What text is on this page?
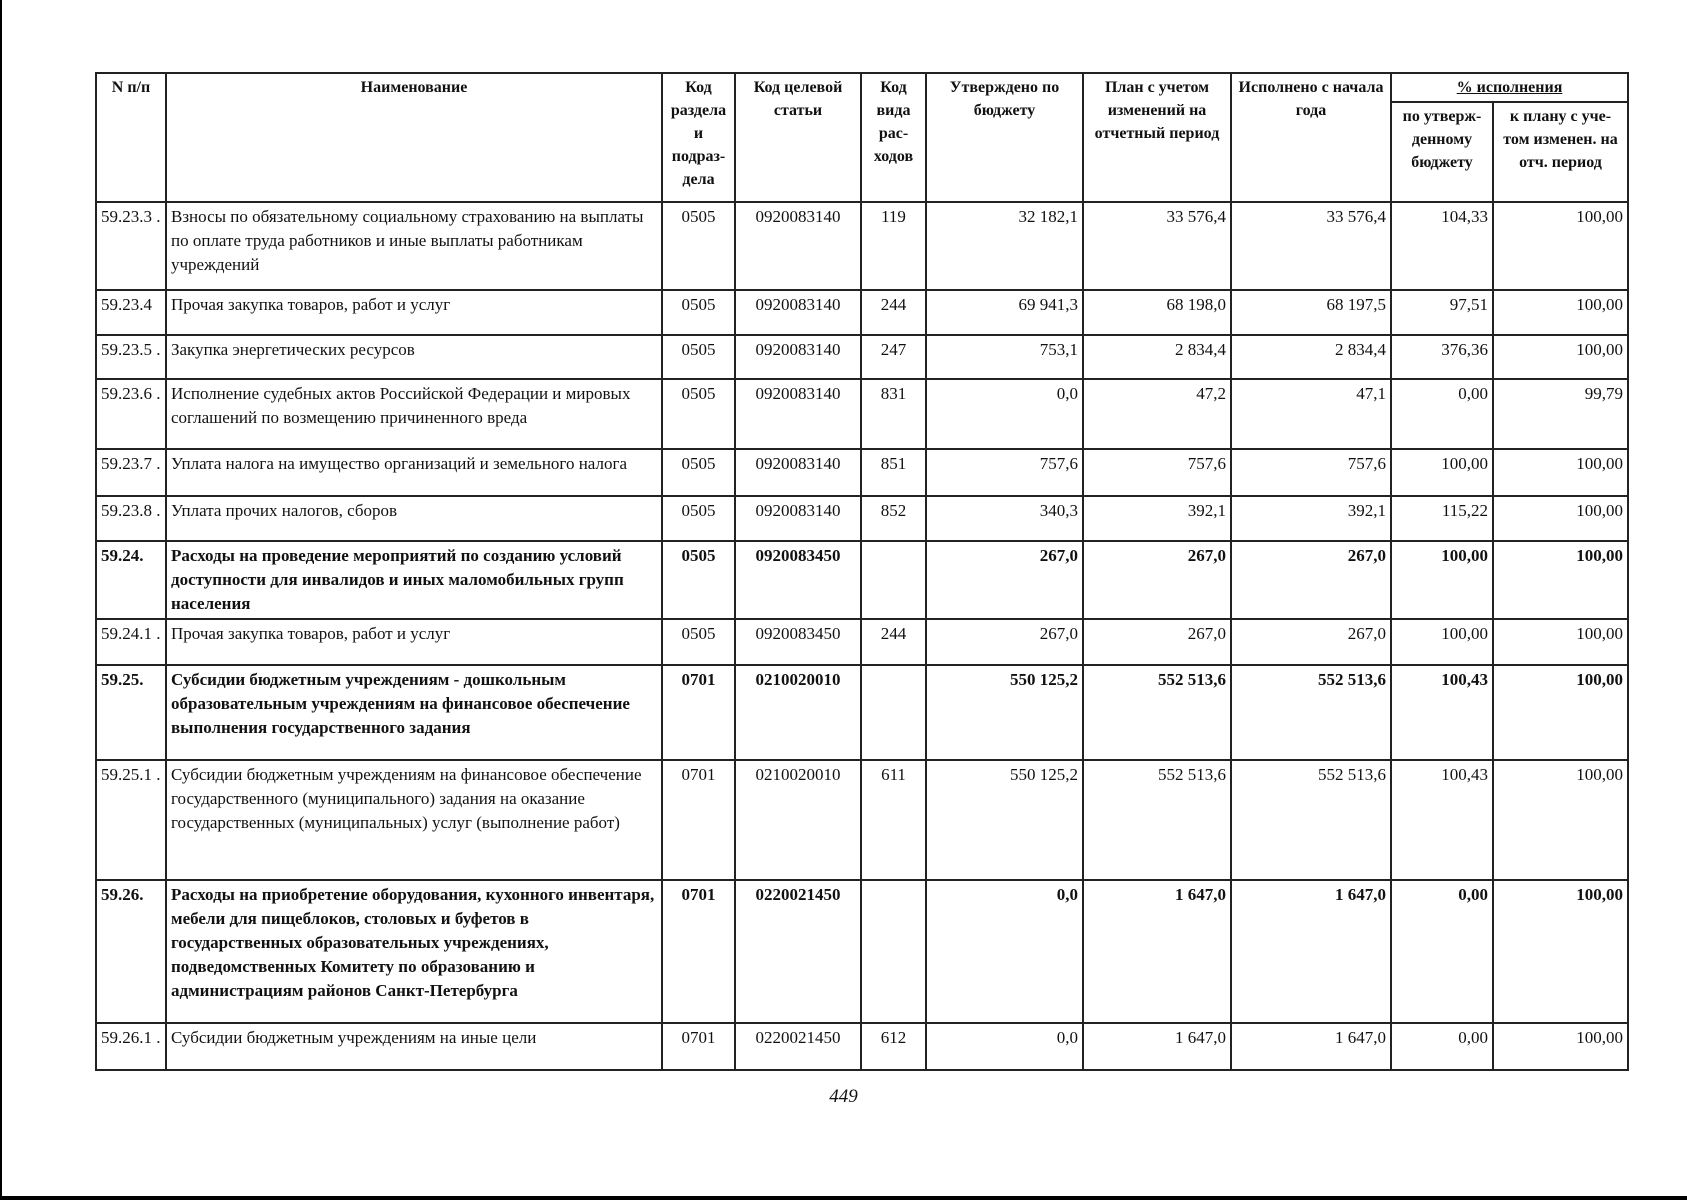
N п/п	Наименование	Код раздела и подраз-дела	Код целевой статьи	Код вида рас-ходов	Утверждено по бюджету	План с учетом изменений на отчетный период	Исполнено с начала года	% исполнения	
								по утверж-денному бюджету	к плану с уче-том изменен. на отч. период
59.23.3 .	Взносы по обязательному социальному страхованию на выплаты по оплате труда работников и иные выплаты работникам учреждений	0505	0920083140	119	32 182,1	33 576,4	33 576,4	104,33	100,00
59.23.4	Прочая закупка товаров, работ и услуг	0505	0920083140	244	69 941,3	68 198,0	68 197,5	97,51	100,00
59.23.5 .	Закупка энергетических ресурсов	0505	0920083140	247	753,1	2 834,4	2 834,4	376,36	100,00
59.23.6 .	Исполнение судебных актов Российской Федерации и мировых соглашений по возмещению причиненного вреда	0505	0920083140	831	0,0	47,2	47,1	0,00	99,79
59.23.7 .	Уплата налога на имущество организаций и земельного налога	0505	0920083140	851	757,6	757,6	757,6	100,00	100,00
59.23.8 .	Уплата прочих налогов, сборов	0505	0920083140	852	340,3	392,1	392,1	115,22	100,00
59.24.	Расходы на проведение мероприятий по созданию условий доступности для инвалидов и иных маломобильных групп населения	0505	0920083450		267,0	267,0	267,0	100,00	100,00
59.24.1 .	Прочая закупка товаров, работ и услуг	0505	0920083450	244	267,0	267,0	267,0	100,00	100,00
59.25.	Субсидии бюджетным учреждениям - дошкольным образовательным учреждениям на финансовое обеспечение выполнения государственного задания	0701	0210020010		550 125,2	552 513,6	552 513,6	100,43	100,00
59.25.1 .	Субсидии бюджетным учреждениям на финансовое обеспечение государственного (муниципального) задания на оказание государственных (муниципальных) услуг (выполнение работ)	0701	0210020010	611	550 125,2	552 513,6	552 513,6	100,43	100,00
59.26.	Расходы на приобретение оборудования, кухонного инвентаря, мебели для пищеблоков, столовых и буфетов в государственных образовательных учреждениях, подведомственных Комитету по образованию и администрациям районов Санкт-Петербурга	0701	0220021450		0,0	1 647,0	1 647,0	0,00	100,00
59.26.1 .	Субсидии бюджетным учреждениям на иные цели	0701	0220021450	612	0,0	1 647,0	1 647,0	0,00	100,00
449
